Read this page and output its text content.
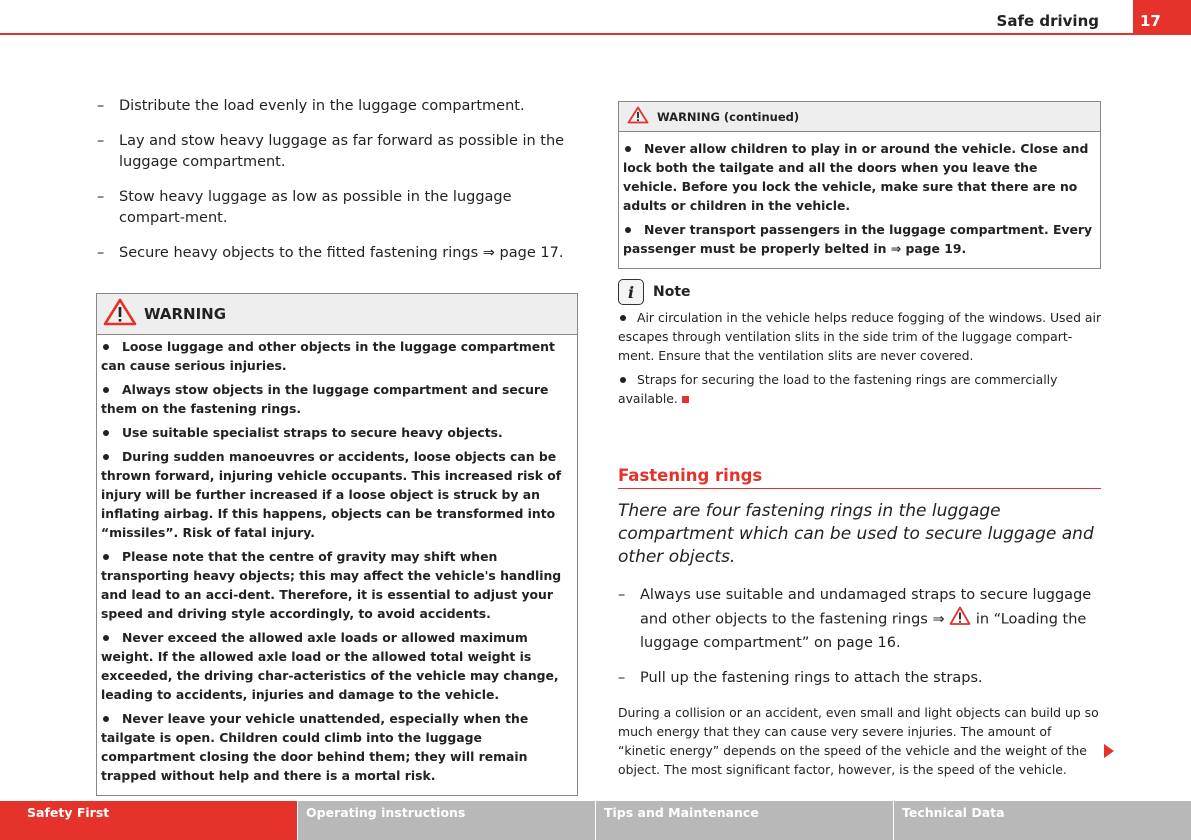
Safe driving	17
– Distribute the load evenly in the luggage compartment.
– Lay and stow heavy luggage as far forward as possible in the luggage compartment.
– Stow heavy luggage as low as possible in the luggage compart-ment.
– Secure heavy objects to the fitted fastening rings ⇒ page 17.
WARNING

Loose luggage and other objects in the luggage compartment can cause serious injuries.

Always stow objects in the luggage compartment and secure them on the fastening rings.

Use suitable specialist straps to secure heavy objects.

During sudden manoeuvres or accidents, loose objects can be thrown forward, injuring vehicle occupants. This increased risk of injury will be further increased if a loose object is struck by an inflating airbag. If this happens, objects can be transformed into “missiles”. Risk of fatal injury.

Please note that the centre of gravity may shift when transporting heavy objects; this may affect the vehicle's handling and lead to an acci-dent. Therefore, it is essential to adjust your speed and driving style accordingly, to avoid accidents.

Never exceed the allowed axle loads or allowed maximum weight. If the allowed axle load or the allowed total weight is exceeded, the driving char-acteristics of the vehicle may change, leading to accidents, injuries and damage to the vehicle.

Never leave your vehicle unattended, especially when the tailgate is open. Children could climb into the luggage compartment closing the door behind them; they will remain trapped without help and there is a mortal risk.

WARNING (continued)

Never allow children to play in or around the vehicle. Close and lock both the tailgate and all the doors when you leave the vehicle. Before you lock the vehicle, make sure that there are no adults or children in the vehicle.

Never transport passengers in the luggage compartment. Every passenger must be properly belted in ⇒ page 19.

i	Note

Air circulation in the vehicle helps reduce fogging of the windows. Used air escapes through ventilation slits in the side trim of the luggage compart-ment. Ensure that the ventilation slits are never covered.

Straps for securing the load to the fastening rings are commercially available.

Fastening rings
There are four fastening rings in the luggage compartment which can be used to secure luggage and other objects.
– Always use suitable and undamaged straps to secure luggage and other objects to the fastening rings ⇒ in “Loading the luggage compartment” on page 16.
– Pull up the fastening rings to attach the straps.
During a collision or an accident, even small and light objects can build up so much energy that they can cause very severe injuries. The amount of “kinetic energy” depends on the speed of the vehicle and the weight of the object. The most significant factor, however, is the speed of the vehicle.
Safety First	Operating instructions	Tips and Maintenance	Technical Data
